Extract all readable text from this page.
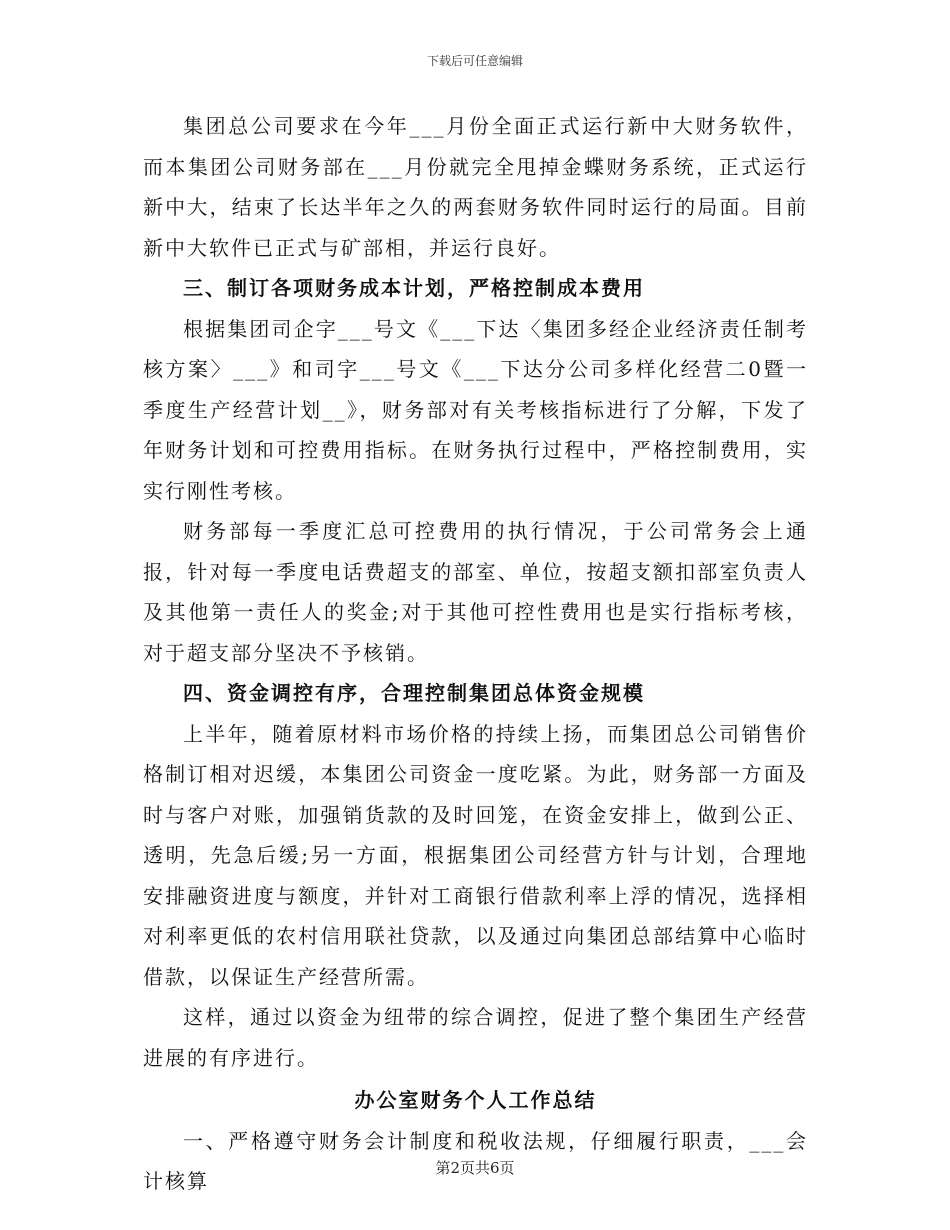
下载后可任意编辑

集团总公司要求在今年___月份全面正式运行新中大财务软件，而本集团公司财务部在___月份就完全甩掉金蝶财务系统，正式运行新中大，结束了长达半年之久的两套财务软件同时运行的局面。目前新中大软件已正式与矿部相，并运行良好。

三、制订各项财务成本计划，严格控制成本费用

根据集团司企字___号文《___下达〈集团多经企业经济责任制考核方案〉___》和司字___号文《___下达分公司多样化经营二0暨一季度生产经营计划__》，财务部对有关考核指标进行了分解，下发了年财务计划和可控费用指标。在财务执行过程中，严格控制费用，实实行刚性考核。

财务部每一季度汇总可控费用的执行情况，于公司常务会上通报，针对每一季度电话费超支的部室、单位，按超支额扣部室负责人及其他第一责任人的奖金;对于其他可控性费用也是实行指标考核，对于超支部分坚决不予核销。

四、资金调控有序，合理控制集团总体资金规模

上半年，随着原材料市场价格的持续上扬，而集团总公司销售价格制订相对迟缓，本集团公司资金一度吃紧。为此，财务部一方面及时与客户对账，加强销货款的及时回笼，在资金安排上，做到公正、透明，先急后缓;另一方面，根据集团公司经营方针与计划，合理地安排融资进度与额度，并针对工商银行借款利率上浮的情况，选择相对利率更低的农村信用联社贷款，以及通过向集团总部结算中心临时借款，以保证生产经营所需。

这样，通过以资金为纽带的综合调控，促进了整个集团生产经营进展的有序进行。

办公室财务个人工作总结

一、严格遵守财务会计制度和税收法规，仔细履行职责，___会计核算

第2页共6页
